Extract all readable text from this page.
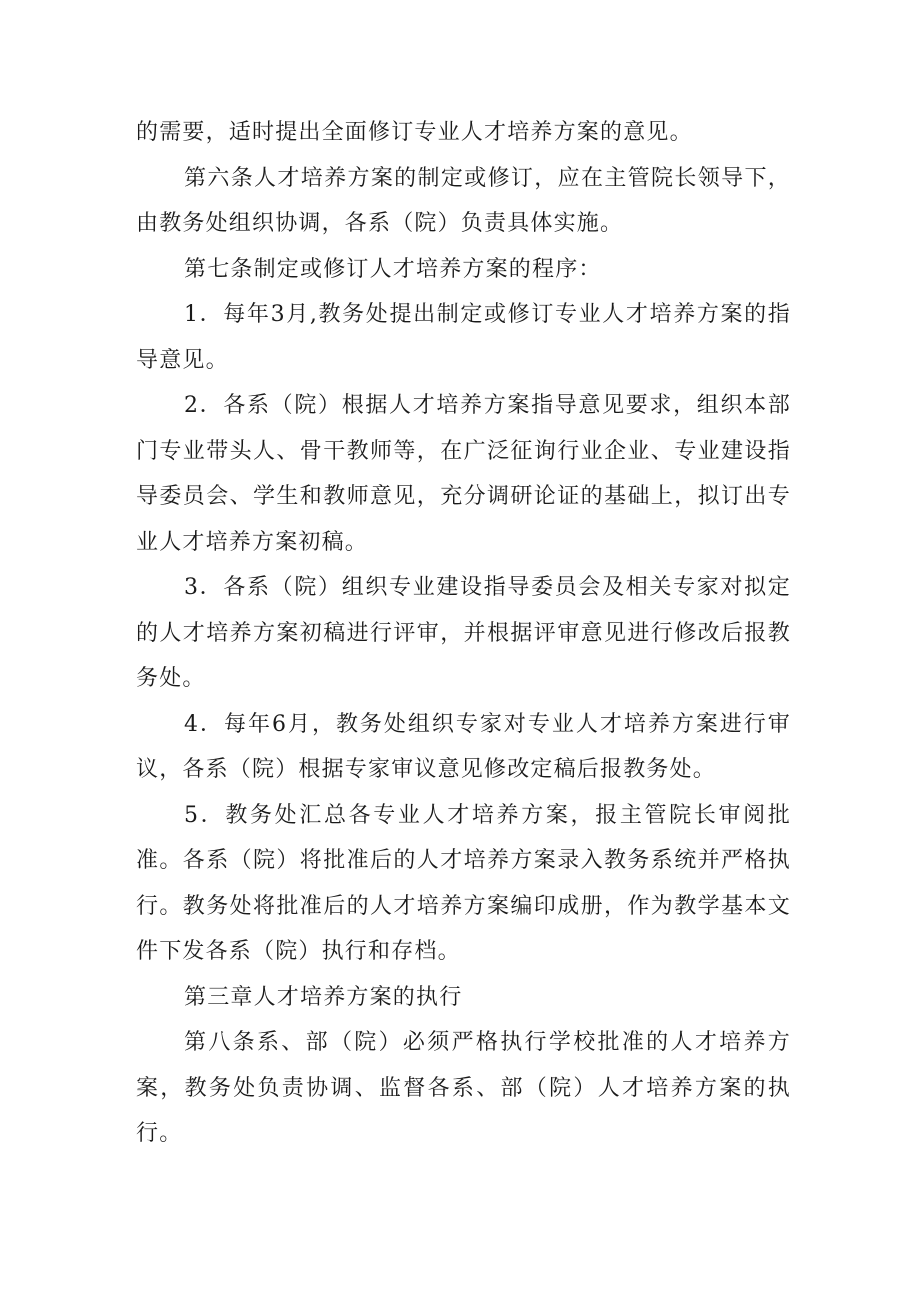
的需要，适时提出全面修订专业人才培养方案的意见。

第六条人才培养方案的制定或修订，应在主管院长领导下，由教务处组织协调，各系（院）负责具体实施。

第七条制定或修订人才培养方案的程序：

1．每年3月,教务处提出制定或修订专业人才培养方案的指导意见。

2．各系（院）根据人才培养方案指导意见要求，组织本部门专业带头人、骨干教师等，在广泛征询行业企业、专业建设指导委员会、学生和教师意见，充分调研论证的基础上，拟订出专业人才培养方案初稿。

3．各系（院）组织专业建设指导委员会及相关专家对拟定的人才培养方案初稿进行评审，并根据评审意见进行修改后报教务处。

4．每年6月，教务处组织专家对专业人才培养方案进行审议，各系（院）根据专家审议意见修改定稿后报教务处。

5．教务处汇总各专业人才培养方案，报主管院长审阅批准。各系（院）将批准后的人才培养方案录入教务系统并严格执行。教务处将批准后的人才培养方案编印成册，作为教学基本文件下发各系（院）执行和存档。

第三章人才培养方案的执行

第八条系、部（院）必须严格执行学校批准的人才培养方案，教务处负责协调、监督各系、部（院）人才培养方案的执行。
